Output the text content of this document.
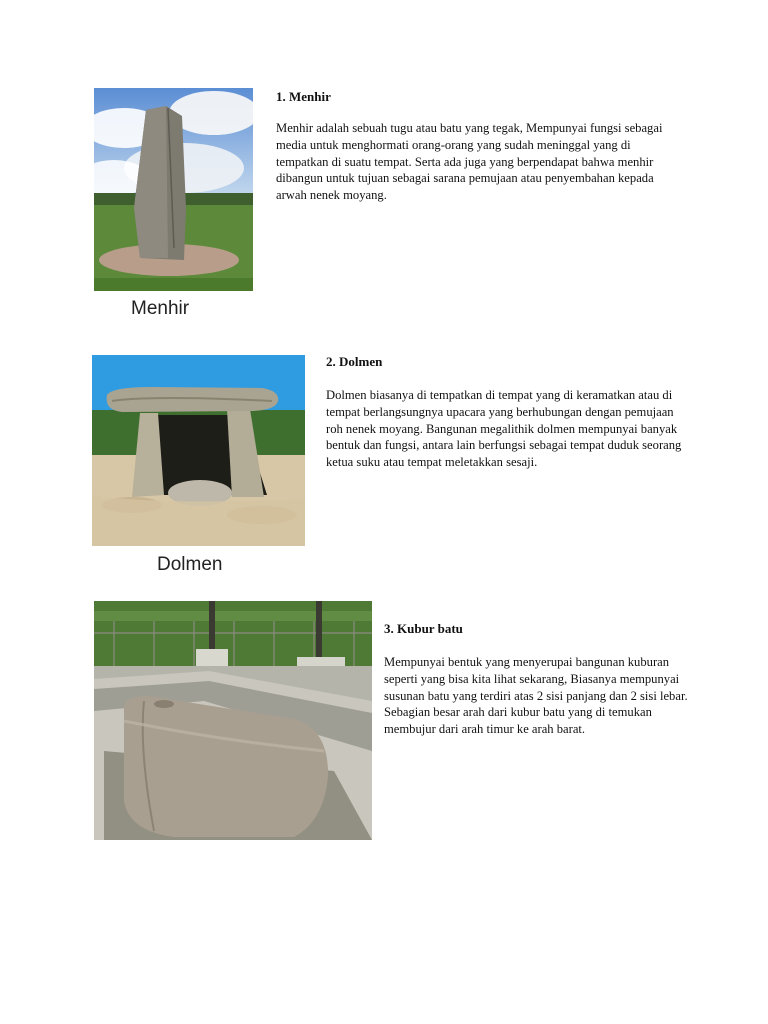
Menhir

1. Menhir

Menhir adalah sebuah tugu atau batu yang tegak, Mempunyai fungsi sebagai media untuk menghormati orang-orang yang sudah meninggal yang di tempatkan di suatu tempat. Serta ada juga yang berpendapat bahwa menhir dibangun untuk tujuan sebagai sarana pemujaan atau penyembahan kepada arwah nenek moyang.

Dolmen

2. Dolmen

Dolmen biasanya di tempatkan di tempat yang di keramatkan atau di tempat berlangsungnya upacara yang berhubungan dengan pemujaan roh nenek moyang. Bangunan megalithik dolmen mempunyai banyak bentuk dan fungsi, antara lain berfungsi sebagai tempat duduk seorang ketua suku atau tempat meletakkan sesaji.

3. Kubur batu

Mempunyai bentuk yang menyerupai bangunan kuburan seperti yang bisa kita lihat sekarang, Biasanya mempunyai susunan batu yang terdiri atas 2 sisi panjang dan 2 sisi lebar. Sebagian besar arah dari kubur batu yang di temukan membujur dari arah timur ke arah barat.
